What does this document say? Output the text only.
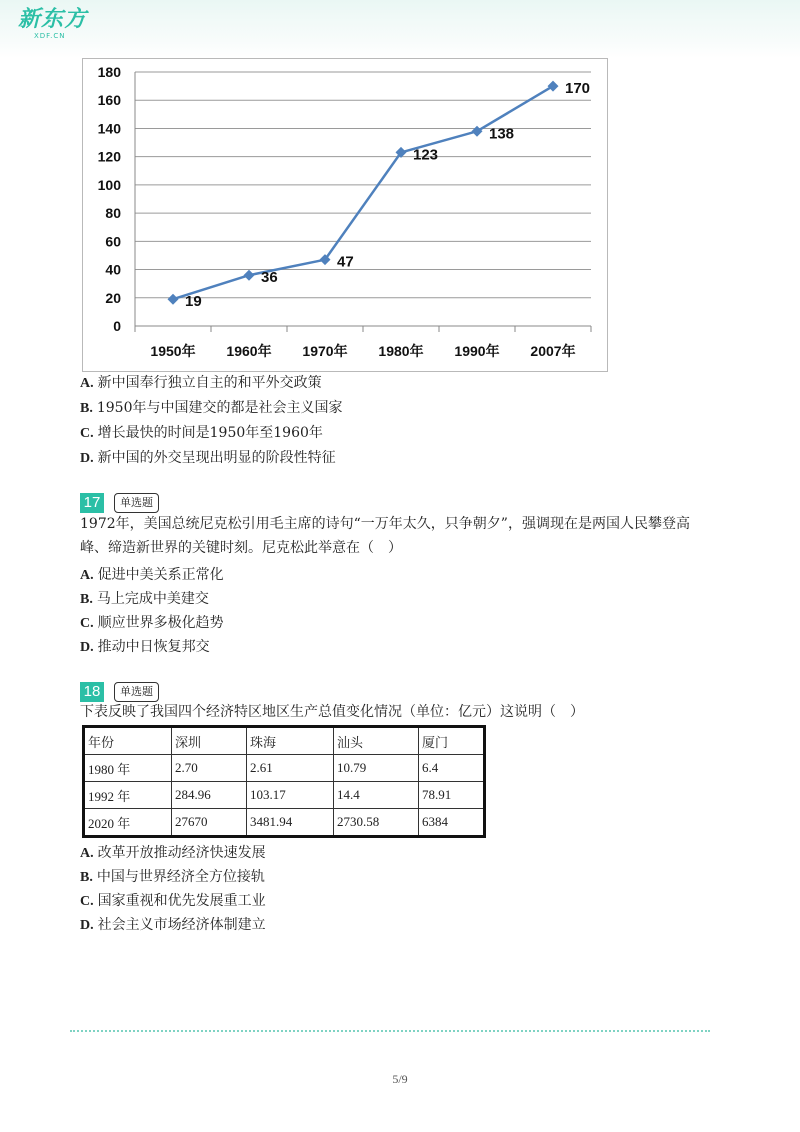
新东方
XDF.CN
0
20
40
60
80
100
120
140
160
180
1950年 1960年 1970年 1980年 1990年 2007年
19
36
47
123
138
170
A. 新中国奉行独立自主的和平外交政策
B. 1950年与中国建交的都是社会主义国家
C. 增长最快的时间是1950年至1960年
D. 新中国的外交呈现出明显的阶段性特征
17	单选题
1972年，美国总统尼克松引用毛主席的诗句“一万年太久，只争朝夕”，强调现在是两国人民攀登高
峰、缔造新世界的关键时刻。尼克松此举意在（　）
A. 促进中美关系正常化
B. 马上完成中美建交
C. 顺应世界多极化趋势
D. 推动中日恢复邦交
18	单选题
下表反映了我国四个经济特区地区生产总值变化情况（单位：亿元）这说明（　）
年份	深圳	珠海	汕头	厦门
1980 年	2.70	2.61	10.79	6.4
1992 年	284.96	103.17	14.4	78.91
2020 年	27670	3481.94	2730.58	6384
A. 改革开放推动经济快速发展
B. 中国与世界经济全方位接轨
C. 国家重视和优先发展重工业
D. 社会主义市场经济体制建立
5/9
